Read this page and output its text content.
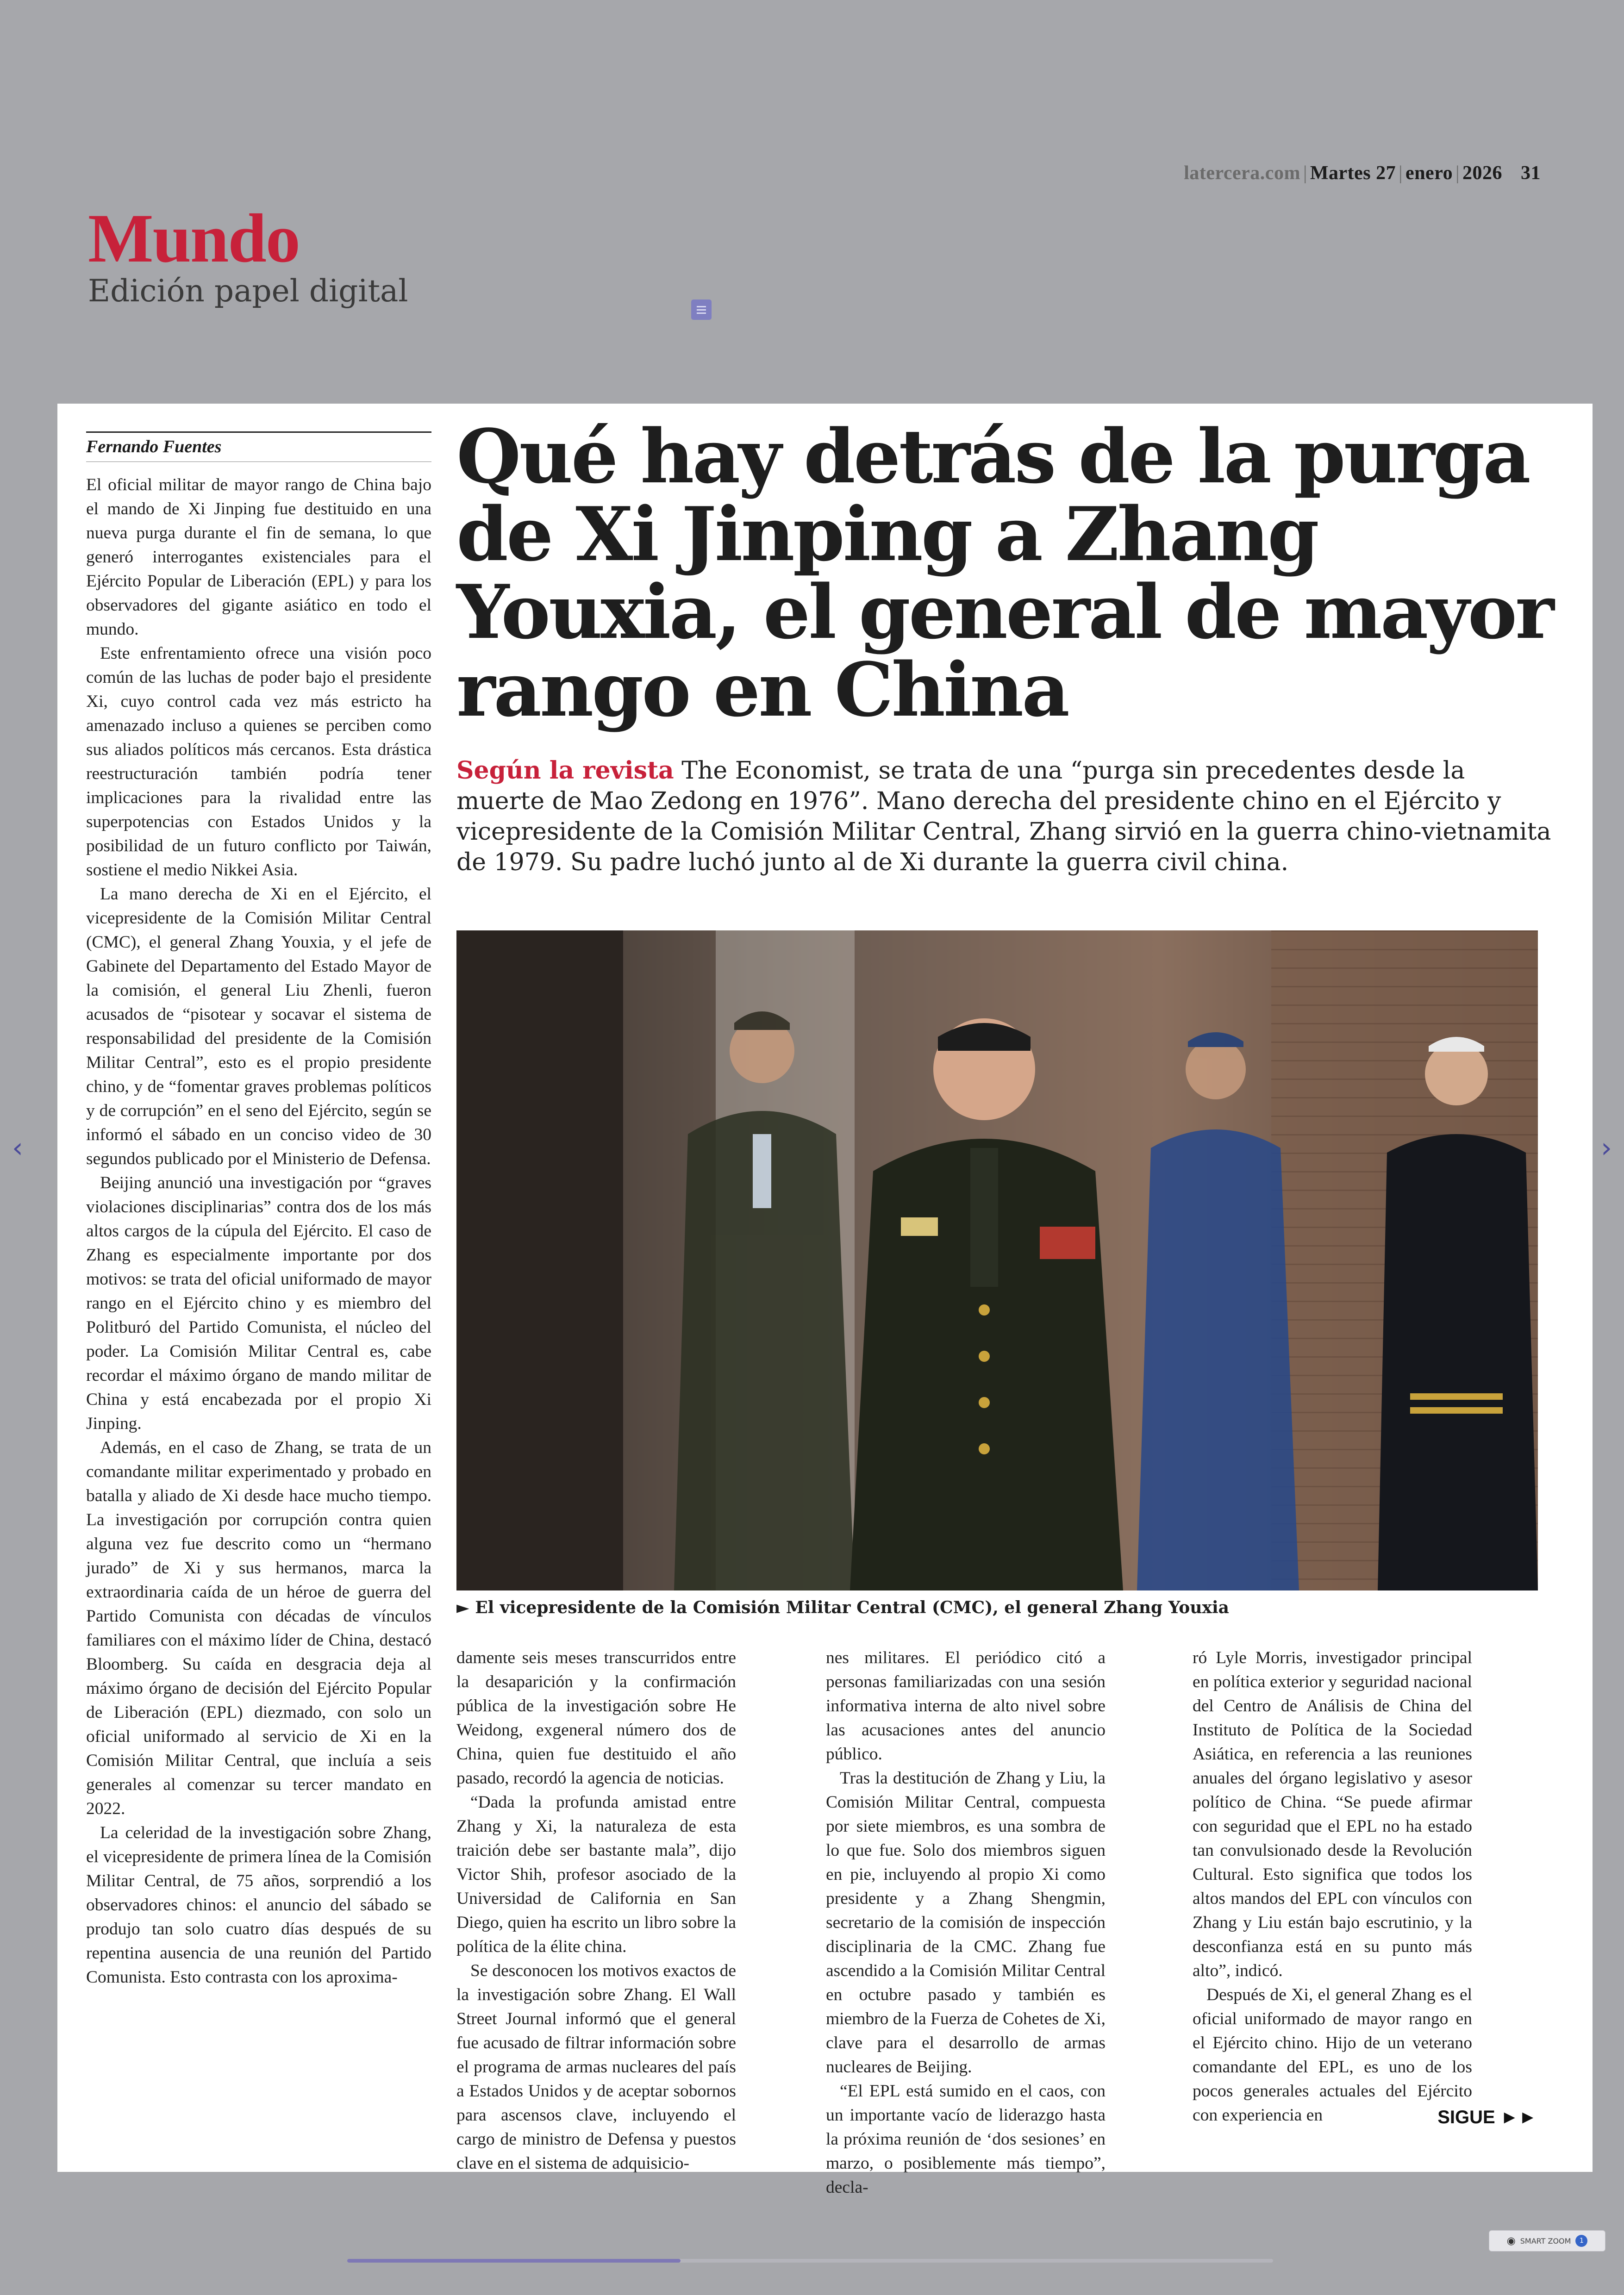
latercera.com | Martes 27 | enero | 2026 31
Mundo
Edición papel digital
Fernando Fuentes

El oficial militar de mayor rango de China bajo el mando de Xi Jinping fue destituido en una nueva purga durante el fin de semana, lo que generó interrogantes existenciales para el Ejército Popular de Liberación (EPL) y para los observadores del gigante asiático en todo el mundo.

Este enfrentamiento ofrece una visión poco común de las luchas de poder bajo el presidente Xi, cuyo control cada vez más estricto ha amenazado incluso a quienes se perciben como sus aliados políticos más cercanos. Esta drástica reestructuración también podría tener implicaciones para la rivalidad entre las superpotencias con Estados Unidos y la posibilidad de un futuro conflicto por Taiwán, sostiene el medio Nikkei Asia.

La mano derecha de Xi en el Ejército, el vicepresidente de la Comisión Militar Central (CMC), el general Zhang Youxia, y el jefe de Gabinete del Departamento del Estado Mayor de la comisión, el general Liu Zhenli, fueron acusados de “pisotear y socavar el sistema de responsabilidad del presidente de la Comisión Militar Central”, esto es el propio presidente chino, y de “fomentar graves problemas políticos y de corrupción” en el seno del Ejército, según se informó el sábado en un conciso video de 30 segundos publicado por el Ministerio de Defensa.

Beijing anunció una investigación por “graves violaciones disciplinarias” contra dos de los más altos cargos de la cúpula del Ejército. El caso de Zhang es especialmente importante por dos motivos: se trata del oficial uniformado de mayor rango en el Ejército chino y es miembro del Politburó del Partido Comunista, el núcleo del poder. La Comisión Militar Central es, cabe recordar el máximo órgano de mando militar de China y está encabezada por el propio Xi Jinping.

Además, en el caso de Zhang, se trata de un comandante militar experimentado y probado en batalla y aliado de Xi desde hace mucho tiempo. La investigación por corrupción contra quien alguna vez fue descrito como un “hermano jurado” de Xi y sus hermanos, marca la extraordinaria caída de un héroe de guerra del Partido Comunista con décadas de vínculos familiares con el máximo líder de China, destacó Bloomberg. Su caída en desgracia deja al máximo órgano de decisión del Ejército Popular de Liberación (EPL) diezmado, con solo un oficial uniformado al servicio de Xi en la Comisión Militar Central, que incluía a seis generales al comenzar su tercer mandato en 2022.

La celeridad de la investigación sobre Zhang, el vicepresidente de primera línea de la Comisión Militar Central, de 75 años, sorprendió a los observadores chinos: el anuncio del sábado se produjo tan solo cuatro días después de su repentina ausencia de una reunión del Partido Comunista. Esto contrasta con los aproxima-

Qué hay detrás de la purga de Xi Jinping a Zhang Youxia, el general de mayor rango en China
Según la revista The Economist, se trata de una “purga sin precedentes desde la muerte de Mao Zedong en 1976”. Mano derecha del presidente chino en el Ejército y vicepresidente de la Comisión Militar Central, Zhang sirvió en la guerra chino-vietnamita de 1979. Su padre luchó junto al de Xi durante la guerra civil china.
► El vicepresidente de la Comisión Militar Central (CMC), el general Zhang Youxia

damente seis meses transcurridos entre la desaparición y la confirmación pública de la investigación sobre He Weidong, exgeneral número dos de China, quien fue destituido el año pasado, recordó la agencia de noticias.

“Dada la profunda amistad entre Zhang y Xi, la naturaleza de esta traición debe ser bastante mala”, dijo Victor Shih, profesor asociado de la Universidad de California en San Diego, quien ha escrito un libro sobre la política de la élite china.

Se desconocen los motivos exactos de la investigación sobre Zhang. El Wall Street Journal informó que el general fue acusado de filtrar información sobre el programa de armas nucleares del país a Estados Unidos y de aceptar sobornos para ascensos clave, incluyendo el cargo de ministro de Defensa y puestos clave en el sistema de adquisicio-

nes militares. El periódico citó a personas familiarizadas con una sesión informativa interna de alto nivel sobre las acusaciones antes del anuncio público.

Tras la destitución de Zhang y Liu, la Comisión Militar Central, compuesta por siete miembros, es una sombra de lo que fue. Solo dos miembros siguen en pie, incluyendo al propio Xi como presidente y a Zhang Shengmin, secretario de la comisión de inspección disciplinaria de la CMC. Zhang fue ascendido a la Comisión Militar Central en octubre pasado y también es miembro de la Fuerza de Cohetes de Xi, clave para el desarrollo de armas nucleares de Beijing.

“El EPL está sumido en el caos, con un importante vacío de liderazgo hasta la próxima reunión de ‘dos sesiones’ en marzo, o posiblemente más tiempo”, decla-

ró Lyle Morris, investigador principal en política exterior y seguridad nacional del Centro de Análisis de China del Instituto de Política de la Sociedad Asiática, en referencia a las reuniones anuales del órgano legislativo y asesor político de China. “Se puede afirmar con seguridad que el EPL no ha estado tan convulsionado desde la Revolución Cultural. Esto significa que todos los altos mandos del EPL con vínculos con Zhang y Liu están bajo escrutinio, y la desconfianza está en su punto más alto”, indicó.

Después de Xi, el general Zhang es el oficial uniformado de mayor rango en el Ejército chino. Hijo de un veterano comandante del EPL, es uno de los pocos generales actuales del Ejército con experiencia en	SIGUE ►►
‹	›
◉ SMART ZOOM	1
